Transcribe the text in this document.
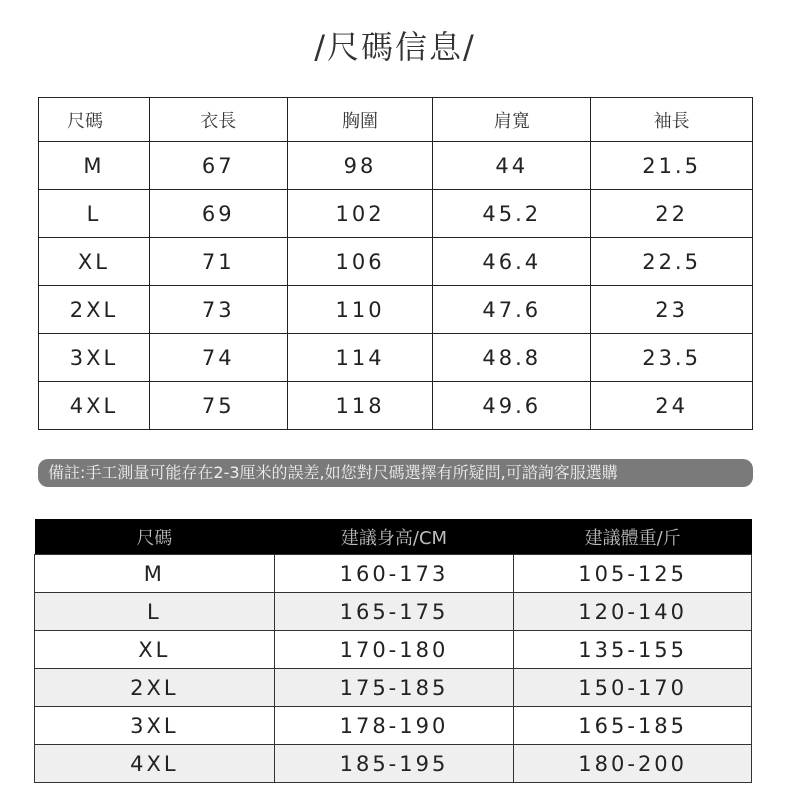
/尺碼信息/
尺碼	衣長	胸圍	肩寬	袖長
M	67	98	44	21.5
L	69	102	45.2	22
XL	71	106	46.4	22.5
2XL	73	110	47.6	23
3XL	74	114	48.8	23.5
4XL	75	118	49.6	24
備註:手工測量可能存在2-3厘米的誤差,如您對尺碼選擇有所疑問,可諮詢客服選購
尺碼	建議身高/CM	建議體重/斤
M	160-173	105-125
L	165-175	120-140
XL	170-180	135-155
2XL	175-185	150-170
3XL	178-190	165-185
4XL	185-195	180-200
